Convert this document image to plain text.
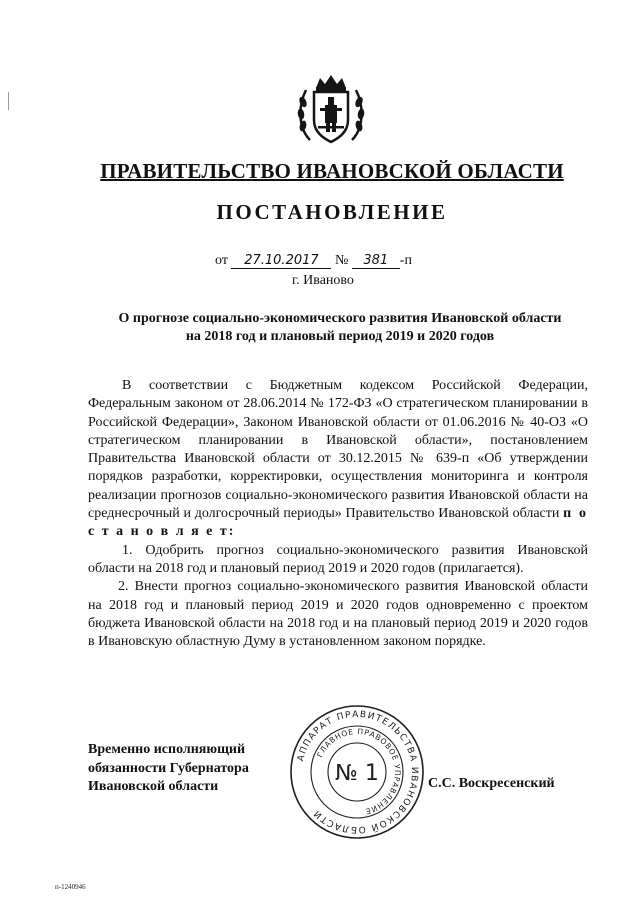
ПРАВИТЕЛЬСТВО ИВАНОВСКОЙ ОБЛАСТИ
ПОСТАНОВЛЕНИЕ
от 27.10.2017 № 381 -п
г. Иваново
О прогнозе социально-экономического развития Ивановской области
на 2018 год и плановый период 2019 и 2020 годов

В соответствии с Бюджетным кодексом Российской Федерации, Федеральным законом от 28.06.2014 № 172-ФЗ «О стратегическом планировании в Российской Федерации», Законом Ивановской области от 01.06.2016 № 40-ОЗ «О стратегическом планировании в Ивановской области», постановлением Правительства Ивановской области от 30.12.2015 № 639-п «Об утверждении порядков разработки, корректировки, осуществления мониторинга и контроля реализации прогнозов социально-экономического развития Ивановской области на среднесрочный и долгосрочный периоды» Правительство Ивановской области п о с т а н о в л я е т:

1. Одобрить прогноз социально-экономического развития Ивановской области на 2018 год и плановый период 2019 и 2020 годов (прилагается).

2. Внести прогноз социально-экономического развития Ивановской области на 2018 год и плановый период 2019 и 2020 годов одновременно с проектом бюджета Ивановской области на 2018 год и на плановый период 2019 и 2020 годов в Ивановскую областную Думу в установленном законом порядке.

Временно исполняющий
обязанности Губернатора
Ивановской области
АППАРАТ ПРАВИТЕЛЬСТВА ИВАНОВСКОЙ ОБЛАСТИ
ГЛАВНОЕ ПРАВОВОЕ УПРАВЛЕНИЕ
№ 1	С.С. Воскресенский
п-1240946
